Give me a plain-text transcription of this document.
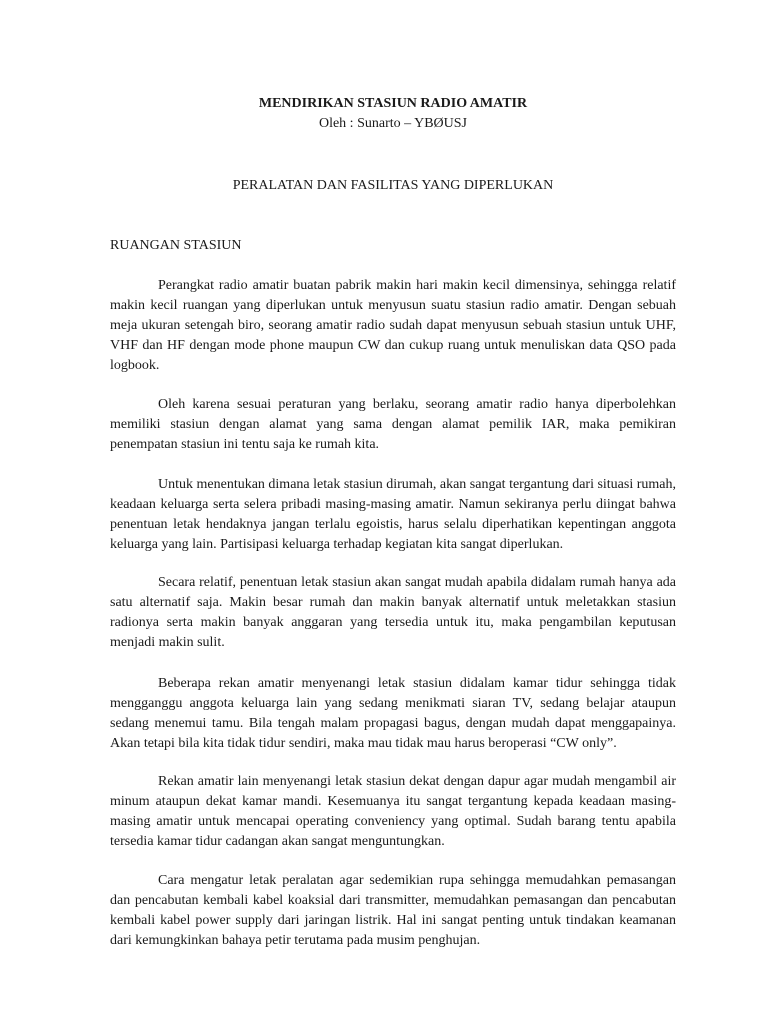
MENDIRIKAN STASIUN RADIO AMATIR

Oleh : Sunarto – YBØUSJ

PERALATAN DAN FASILITAS YANG DIPERLUKAN

RUANGAN STASIUN

Perangkat radio amatir buatan pabrik makin hari makin kecil dimensinya, sehingga relatif makin kecil ruangan yang diperlukan untuk menyusun suatu stasiun radio amatir. Dengan sebuah meja ukuran setengah biro, seorang amatir radio sudah dapat menyusun sebuah stasiun untuk UHF, VHF dan HF dengan mode phone maupun CW dan cukup ruang untuk menuliskan data QSO pada logbook.

Oleh karena sesuai peraturan yang berlaku, seorang amatir radio hanya diperbolehkan memiliki stasiun dengan alamat yang sama dengan alamat pemilik IAR, maka pemikiran penempatan stasiun ini tentu saja ke rumah kita.

Untuk menentukan dimana letak stasiun dirumah, akan sangat tergantung dari situasi rumah, keadaan keluarga serta selera pribadi masing-masing amatir. Namun sekiranya perlu diingat bahwa penentuan letak hendaknya jangan terlalu egoistis, harus selalu diperhatikan kepentingan anggota keluarga yang lain. Partisipasi keluarga terhadap kegiatan kita sangat diperlukan.

Secara relatif, penentuan letak stasiun akan sangat mudah apabila didalam rumah hanya ada satu alternatif saja. Makin besar rumah dan makin banyak alternatif untuk meletakkan stasiun radionya serta makin banyak anggaran yang tersedia untuk itu, maka pengambilan keputusan menjadi makin sulit.

Beberapa rekan amatir menyenangi letak stasiun didalam kamar tidur sehingga tidak mengganggu anggota keluarga lain yang sedang menikmati siaran TV, sedang belajar ataupun sedang menemui tamu. Bila tengah malam propagasi bagus, dengan mudah dapat menggapainya. Akan tetapi bila kita tidak tidur sendiri, maka mau tidak mau harus beroperasi “CW only”.

Rekan amatir lain menyenangi letak stasiun dekat dengan dapur agar mudah mengambil air minum ataupun dekat kamar mandi. Kesemuanya itu sangat tergantung kepada keadaan masing-masing amatir untuk mencapai operating conveniency yang optimal. Sudah barang tentu apabila tersedia kamar tidur cadangan akan sangat menguntungkan.

Cara mengatur letak peralatan agar sedemikian rupa sehingga memudahkan pemasangan dan pencabutan kembali kabel koaksial dari transmitter, memudahkan pemasangan dan pencabutan kembali kabel power supply dari jaringan listrik. Hal ini sangat penting untuk tindakan keamanan dari kemungkinkan bahaya petir terutama pada musim penghujan.
